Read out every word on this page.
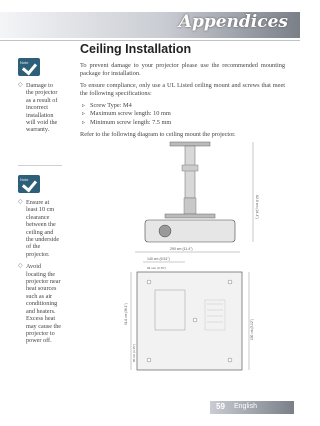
Appendices
Note
◇ Damage to the projector as a result of incorrect installation will void the warranty.
Note
◇ Ensure at least 10 cm clearance between the ceiling and the underside of the projector.
◇ Avoid locating the projector near heat sources such as air conditioning and heaters. Excess heat may cause the projector to power off.
Ceiling Installation

To prevent damage to your projector please use the recommended mounting package for installation.

To ensure compliance, only use a UL Listed ceiling mount and screws that meet the following specifications:

▹ Screw Type: M4
▹ Maximum screw length: 10 mm
▹ Minimum screw length: 7.5 mm

Refer to the following diagram to ceiling mount the projector.

62.0 cm (24.4")
290 cm (11.4")
140 cm (5.51")
94 mm (3.70")
91.6 cm (36.1")
80 cm (3.15")
130 cm (5.12")
59 English
